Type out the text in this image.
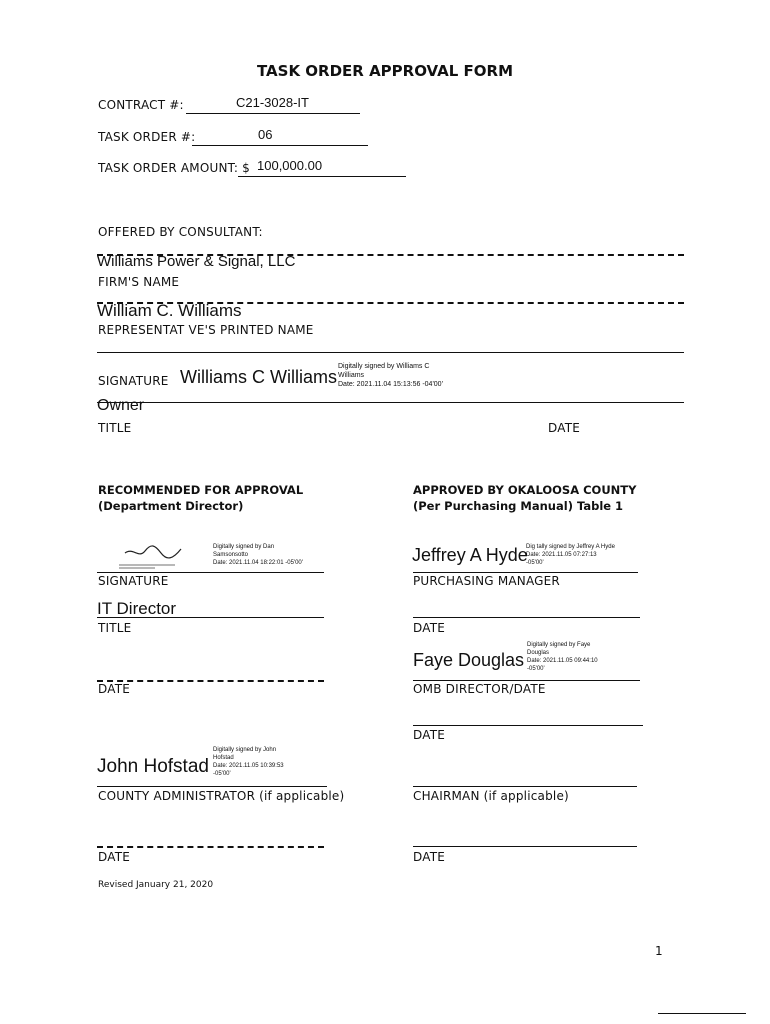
TASK ORDER APPROVAL FORM
CONTRACT #:	C21-3028-IT
TASK ORDER #:	06
TASK ORDER AMOUNT: $ 100,000.00
OFFERED BY CONSULTANT:
Williams Power & Signal, LLC
FIRM'S NAME
William C. Williams
REPRESENTAT VE'S PRINTED NAME
SIGNATURE Williams C Williams
Digitally signed by Williams C
Williams
Date: 2021.11.04 15:13:56 -04'00'
Owner
TITLE	DATE
RECOMMENDED FOR APPROVAL
(Department Director)
Digitally signed by Dan
Samsonsotto
Date: 2021.11.04 18:22:01 -05'00'
SIGNATURE
IT Director
TITLE
DATE
APPROVED BY OKALOOSA COUNTY
(Per Purchasing Manual) Table 1
Jeffrey A Hyde
Dig tally signed by Jeffrey A Hyde
Date: 2021.11.05 07:27:13
-05'00'
PURCHASING MANAGER
DATE
Faye Douglas
Digitally signed by Faye
Douglas
Date: 2021.11.05 09:44:10
-05'00'
OMB DIRECTOR/DATE
DATE
CHAIRMAN (if applicable)
DATE
John Hofstad
Digitally signed by John
Hofstad
Date: 2021.11.05 10:39:53
-05'00'
COUNTY ADMINISTRATOR (if applicable)
DATE
Revised January 21, 2020
1
